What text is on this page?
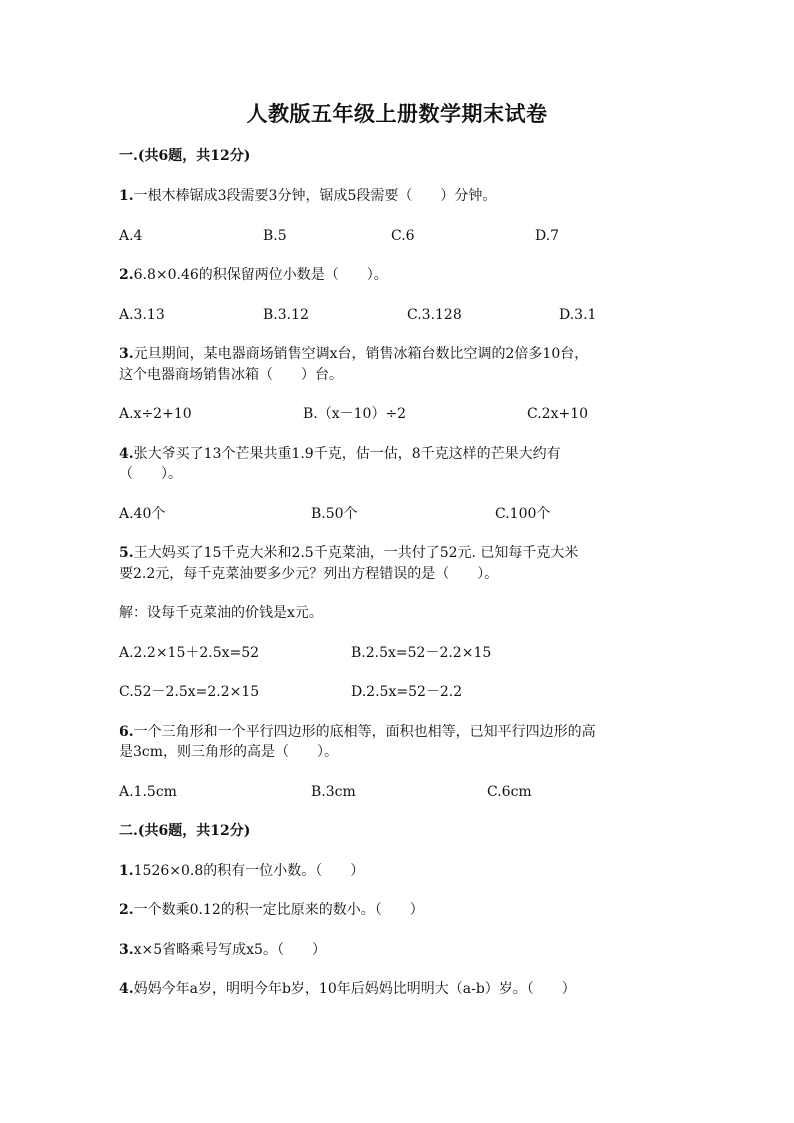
人教版五年级上册数学期末试卷
一.(共6题，共12分)
1.一根木棒锯成3段需要3分钟，锯成5段需要（　　）分钟。
A.4	B.5	C.6	D.7
2.6.8×0.46的积保留两位小数是（　　）。
A.3.13	B.3.12	C.3.128	D.3.1
3.元旦期间，某电器商场销售空调x台，销售冰箱台数比空调的2倍多10台，
这个电器商场销售冰箱（　　）台。
A.x÷2+10	B.（x－10）÷2	C.2x+10
4.张大爷买了13个芒果共重1.9千克，估一估，8千克这样的芒果大约有
（　　）。
A.40个	B.50个	C.100个
5.王大妈买了15千克大米和2.5千克菜油，一共付了52元. 已知每千克大米
要2.2元，每千克菜油要多少元？列出方程错误的是（　　）。
解：设每千克菜油的价钱是x元。
A.2.2×15＋2.5x=52	B.2.5x=52－2.2×15
C.52－2.5x=2.2×15	D.2.5x=52－2.2
6.一个三角形和一个平行四边形的底相等，面积也相等，已知平行四边形的高
是3cm，则三角形的高是（　　）。
A.1.5cm	B.3cm	C.6cm
二.(共6题，共12分)
1.1526×0.8的积有一位小数。（　　）
2.一个数乘0.12的积一定比原来的数小。（　　）
3.x×5省略乘号写成x5。（　　）
4.妈妈今年a岁，明明今年b岁，10年后妈妈比明明大（a-b）岁。（　　）
